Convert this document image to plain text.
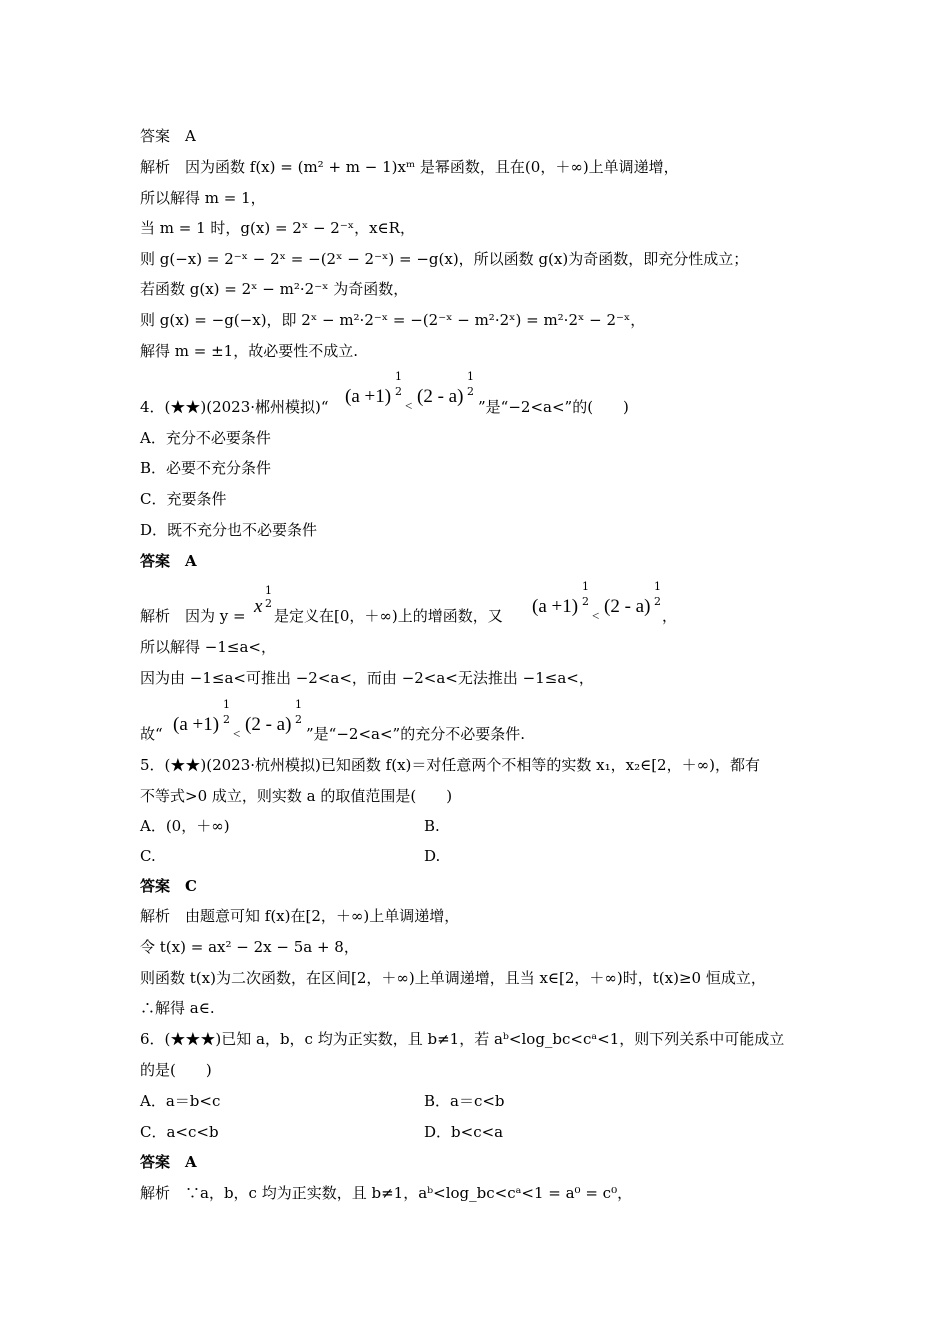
答案　A
解析　因为函数 f(x) = (m² + m − 1)xᵐ 是幂函数，且在(0，＋∞)上单调递增，
所以解得 m = 1，
当 m = 1 时，g(x) = 2ˣ − 2⁻ˣ，x∈R，
则 g(−x) = 2⁻ˣ − 2ˣ = −(2ˣ − 2⁻ˣ) = −g(x)，所以函数 g(x)为奇函数，即充分性成立；
若函数 g(x) = 2ˣ − m²·2⁻ˣ 为奇函数，
则 g(x) = −g(−x)，即 2ˣ − m²·2⁻ˣ = −(2⁻ˣ − m²·2ˣ) = m²·2ˣ − 2⁻ˣ，
解得 m = ±1，故必要性不成立.
4．(★★)(2023·郴州模拟)“ (a +1)
1
2
< (2 - a)
1
2
”是“−2<a<”的(　　)
A．充分不必要条件
B．必要不充分条件
C．充要条件
D．既不充分也不必要条件
答案　A
解析　因为 y = x
1
2
是定义在[0，＋∞)上的增函数，又 (a +1)
1
2
< (2 - a)
1
2
，
所以解得 −1≤a<，
因为由 −1≤a<可推出 −2<a<，而由 −2<a<无法推出 −1≤a<，
故“ (a +1)
1
2
< (2 - a)
1
2
”是“−2<a<”的充分不必要条件.
5．(★★)(2023·杭州模拟)已知函数 f(x)＝对任意两个不相等的实数 x₁，x₂∈[2，＋∞)，都有
不等式>0 成立，则实数 a 的取值范围是(　　)
A．(0，＋∞)	B.
C.	D.
答案　C
解析　由题意可知 f(x)在[2，＋∞)上单调递增，
令 t(x) = ax² − 2x − 5a + 8，
则函数 t(x)为二次函数，在区间[2，＋∞)上单调递增，且当 x∈[2，＋∞)时，t(x)≥0 恒成立，
∴解得 a∈.
6．(★★★)已知 a，b，c 均为正实数，且 b≠1，若 aᵇ<log_bc<cᵃ<1，则下列关系中可能成立
的是(　　)
A．a＝b<c	B．a＝c<b
C．a<c<b	D．b<c<a
答案　A
解析　∵a，b，c 均为正实数，且 b≠1，aᵇ<log_bc<cᵃ<1 = a⁰ = c⁰，
